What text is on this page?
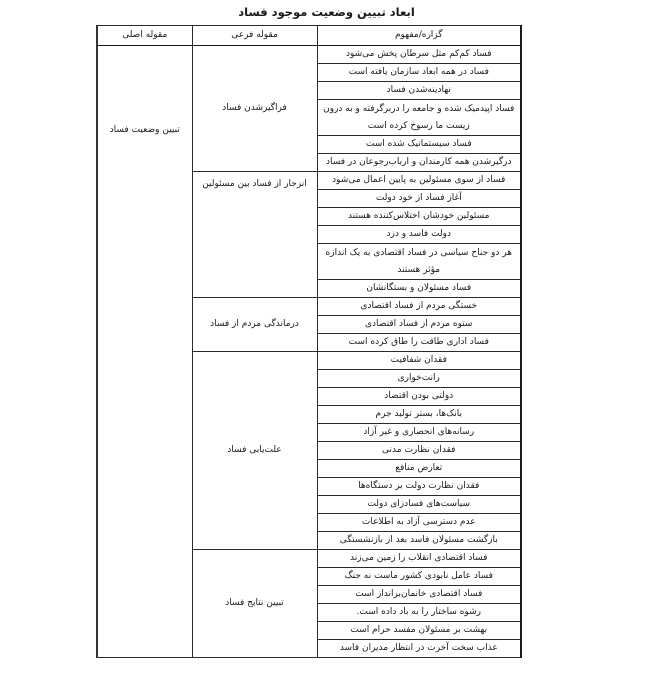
ابعاد تبیین وضعیت موجود فساد
گزاره/مفهوم	مقوله فرعی	مقوله اصلی
فساد کم‌کم مثل سرطان پخش می‌شود	فراگیرشدن فساد	تبیین وضعیت فساد
فساد در همه ابعاد سازمان یافته است		
نهادینه‌شدن فساد		
فساد اپیدمیک شده و جامعه را دربرگرفته و به درون زیست ما رسوخ کرده است		
فساد سیستماتیک شده است		
درگیرشدن همه کارمندان و ارباب‌رجوعان در فساد		
فساد از سوی مسئولین به پایین اعمال می‌شود	انزجار از فساد بین مسئولین	
آغاز فساد از خود دولت		
مسئولین خودشان اختلاس‌کننده هستند		
دولت فاسد و دزد		
هر دو جناح سیاسی در فساد اقتصادی به یک اندازه مؤثر هستند		
فساد مسئولان و بستگانشان		
خستگی مردم از فساد اقتصادی	درماندگی مردم از فساد	
ستوه مردم از فساد اقتصادی		
فساد اداری طاقت را طاق کرده است		
فقدان شفافیت	علت‌یابی فساد	
رانت‌خواری		
دولتی بودن اقتصاد		
بانک‌ها، بستر تولید جرم		
رسانه‌های انحصاری و غیر آزاد		
فقدان نظارت مدنی		
تعارض منافع		
فقدان نظارت دولت بر دستگاه‌ها		
سیاست‌های فسادزای دولت		
عدم دسترسی آزاد به اطلاعات		
بازگشت مسئولان فاسد بعد از بازنشستگی		
فساد اقتصادی انقلاب را زمین می‌زند	تبیین نتایج فساد	
فساد عامل نابودی کشور ماست نه جنگ		
فساد اقتصادی خانمان‌برانداز است		
رشوه ساختار را به باد داده است.		
بهشت بر مسئولان مفسد حرام است		
عذاب سخت آخرت در انتظار مدیران فاسد		
